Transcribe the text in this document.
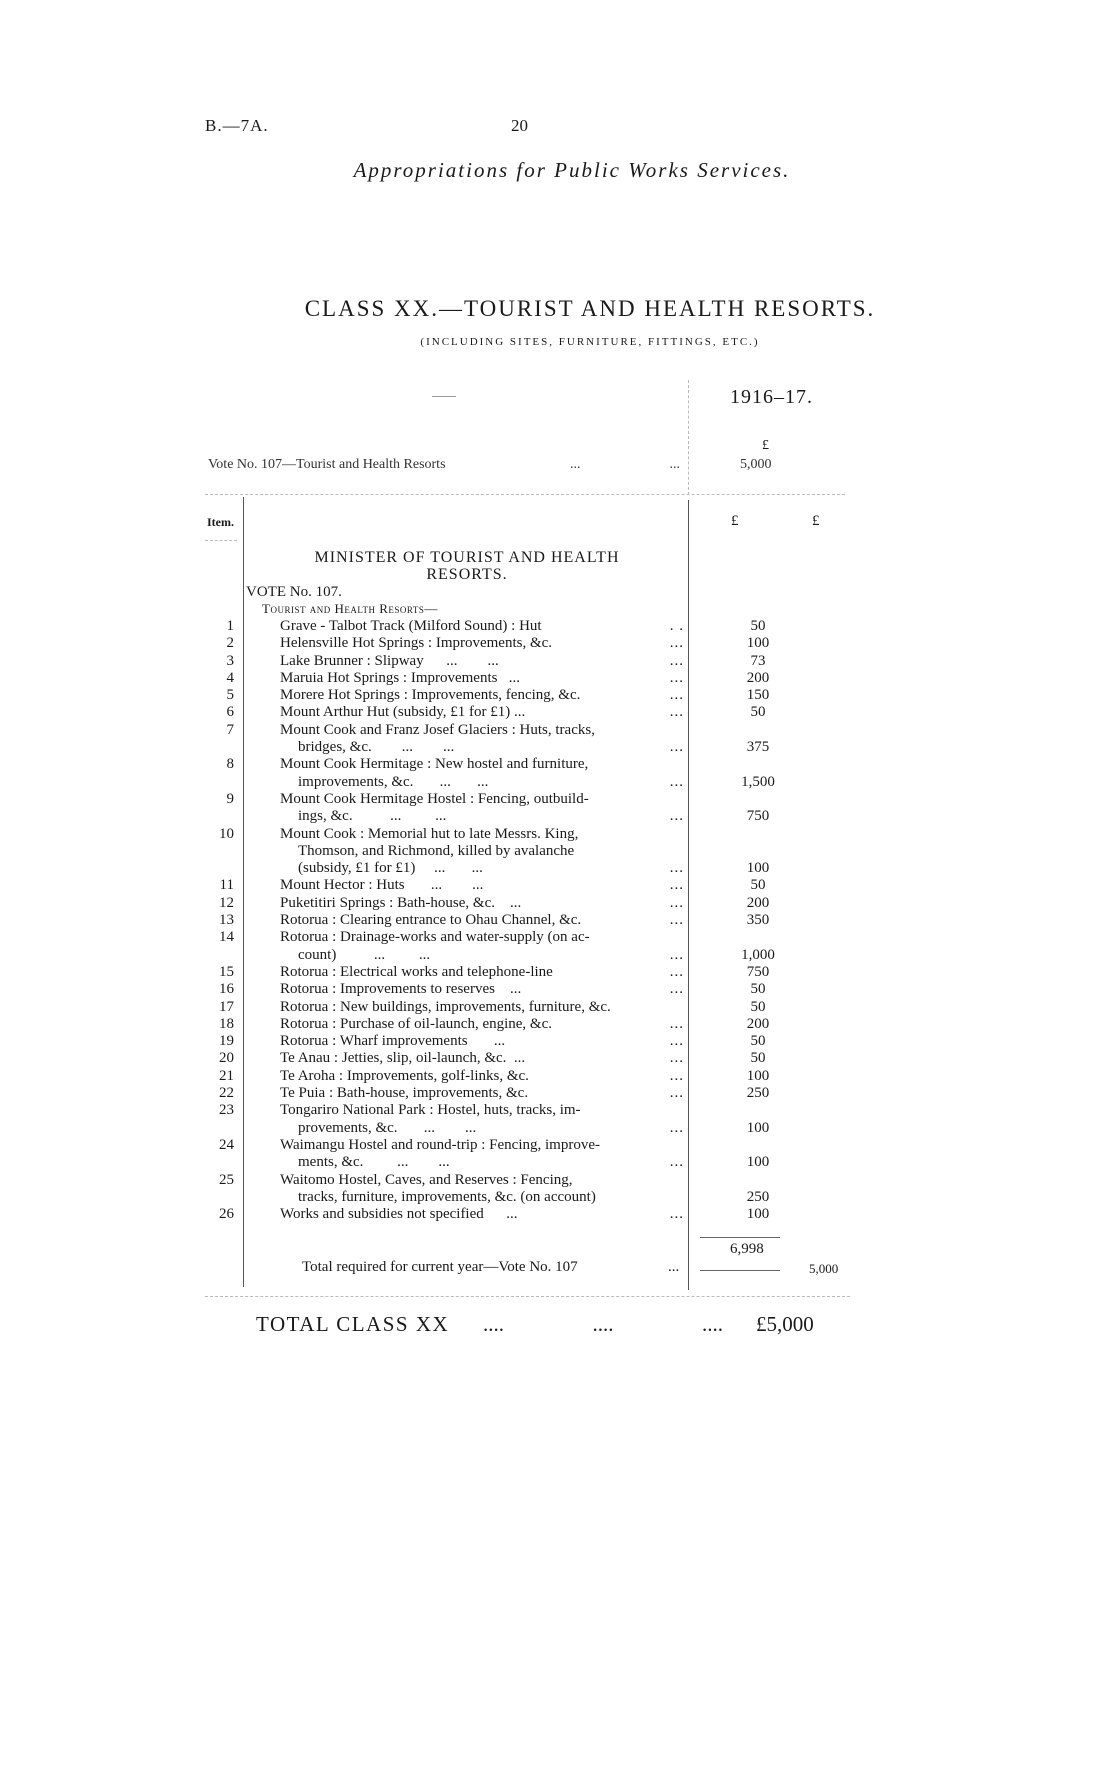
B.—7A.	20
Appropriations for Public Works Services.
CLASS XX.—TOURIST AND HEALTH RESORTS.
(INCLUDING SITES, FURNITURE, FITTINGS, ETC.)
1916–17.
£
Vote No. 107—Tourist and Health Resorts	...	...	5,000
Item.	£	£
MINISTER OF TOURIST AND HEALTH RESORTS.
VOTE No. 107.
Tourist and Health Resorts—
1	Grave - Talbot Track (Milford Sound) : Hut	. .	50
2	Helensville Hot Springs : Improvements, &c.	...	100
3	Lake Brunner : Slipway      ...        ...	...	73
4	Maruia Hot Springs : Improvements   ...	...	200
5	Morere Hot Springs : Improvements, fencing, &c.	...	150
6	Mount Arthur Hut (subsidy, £1 for £1) ...	...	50
7	Mount Cook and Franz Josef Glaciers : Huts, tracks,
bridges, &c.        ...        ...	...	375
8	Mount Cook Hermitage : New hostel and furniture,
improvements, &c.       ...       ...	...	1,500
9	Mount Cook Hermitage Hostel : Fencing, outbuild-
ings, &c.          ...         ...	...	750
10	Mount Cook : Memorial hut to late Messrs. King,
Thomson, and Richmond, killed by avalanche
(subsidy, £1 for £1)     ...       ...	...	100
11	Mount Hector : Huts       ...        ...	...	50
12	Puketitiri Springs : Bath-house, &c.    ...	...	200
13	Rotorua : Clearing entrance to Ohau Channel, &c.	...	350
14	Rotorua : Drainage-works and water-supply (on ac-
count)          ...         ...	...	1,000
15	Rotorua : Electrical works and telephone-line	...	750
16	Rotorua : Improvements to reserves    ...	...	50
17	Rotorua : New buildings, improvements, furniture, &c.	50
18	Rotorua : Purchase of oil-launch, engine, &c.	...	200
19	Rotorua : Wharf improvements       ...	...	50
20	Te Anau : Jetties, slip, oil-launch, &c.  ...	...	50
21	Te Aroha : Improvements, golf-links, &c.	...	100
22	Te Puia : Bath-house, improvements, &c.	...	250
23	Tongariro National Park : Hostel, huts, tracks, im-
provements, &c.       ...        ...	...	100
24	Waimangu Hostel and round-trip : Fencing, improve-
ments, &c.         ...        ...	...	100
25	Waitomo Hostel, Caves, and Reserves : Fencing,
tracks, furniture, improvements, &c. (on account)	250
26	Works and subsidies not specified      ...	...	100
6,998
Total required for current year—Vote No. 107	...	5,000
TOTAL CLASS XX ....	....	.... £5,000
